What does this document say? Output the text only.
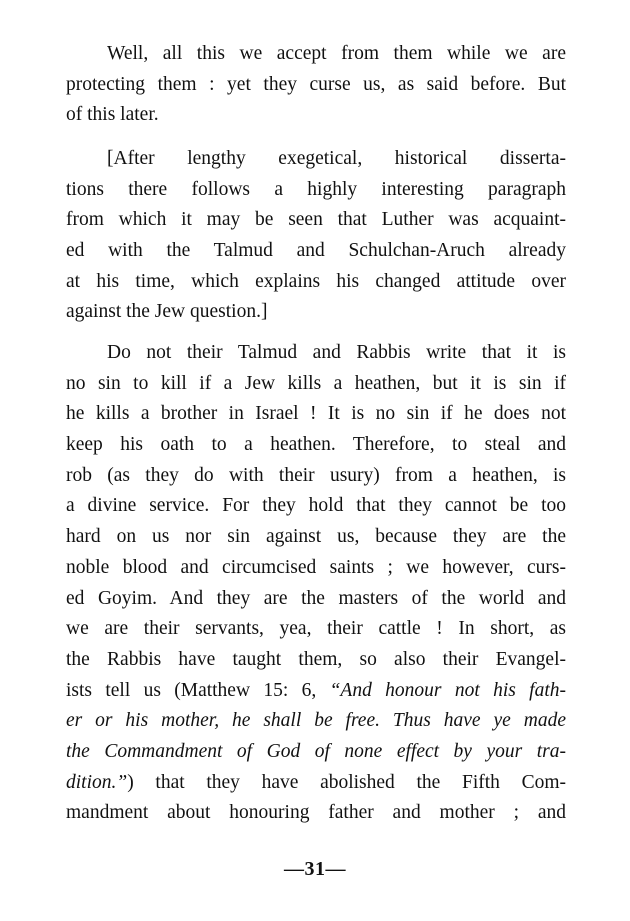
Well, all this we accept from them while we are
protecting them : yet they curse us, as said before. But
of this later.
[After lengthy exegetical, historical disserta-
tions there follows a highly interesting paragraph
from which it may be seen that Luther was acquaint-
ed with the Talmud and Schulchan-Aruch already
at his time, which explains his changed attitude over
against the Jew question.]
Do not their Talmud and Rabbis write that it is
no sin to kill if a Jew kills a heathen, but it is sin if
he kills a brother in Israel ! It is no sin if he does not
keep his oath to a heathen. Therefore, to steal and
rob (as they do with their usury) from a heathen, is
a divine service. For they hold that they cannot be too
hard on us nor sin against us, because they are the
noble blood and circumcised saints ; we however, curs-
ed Goyim. And they are the masters of the world and
we are their servants, yea, their cattle ! In short, as
the Rabbis have taught them, so also their Evangel-
ists tell us (Matthew 15: 6, “And honour not his fath-
er or his mother, he shall be free. Thus have ye made
the Commandment of God of none effect by your tra-
dition.”) that they have abolished the Fifth Com-
mandment about honouring father and mother ; and
—31—
